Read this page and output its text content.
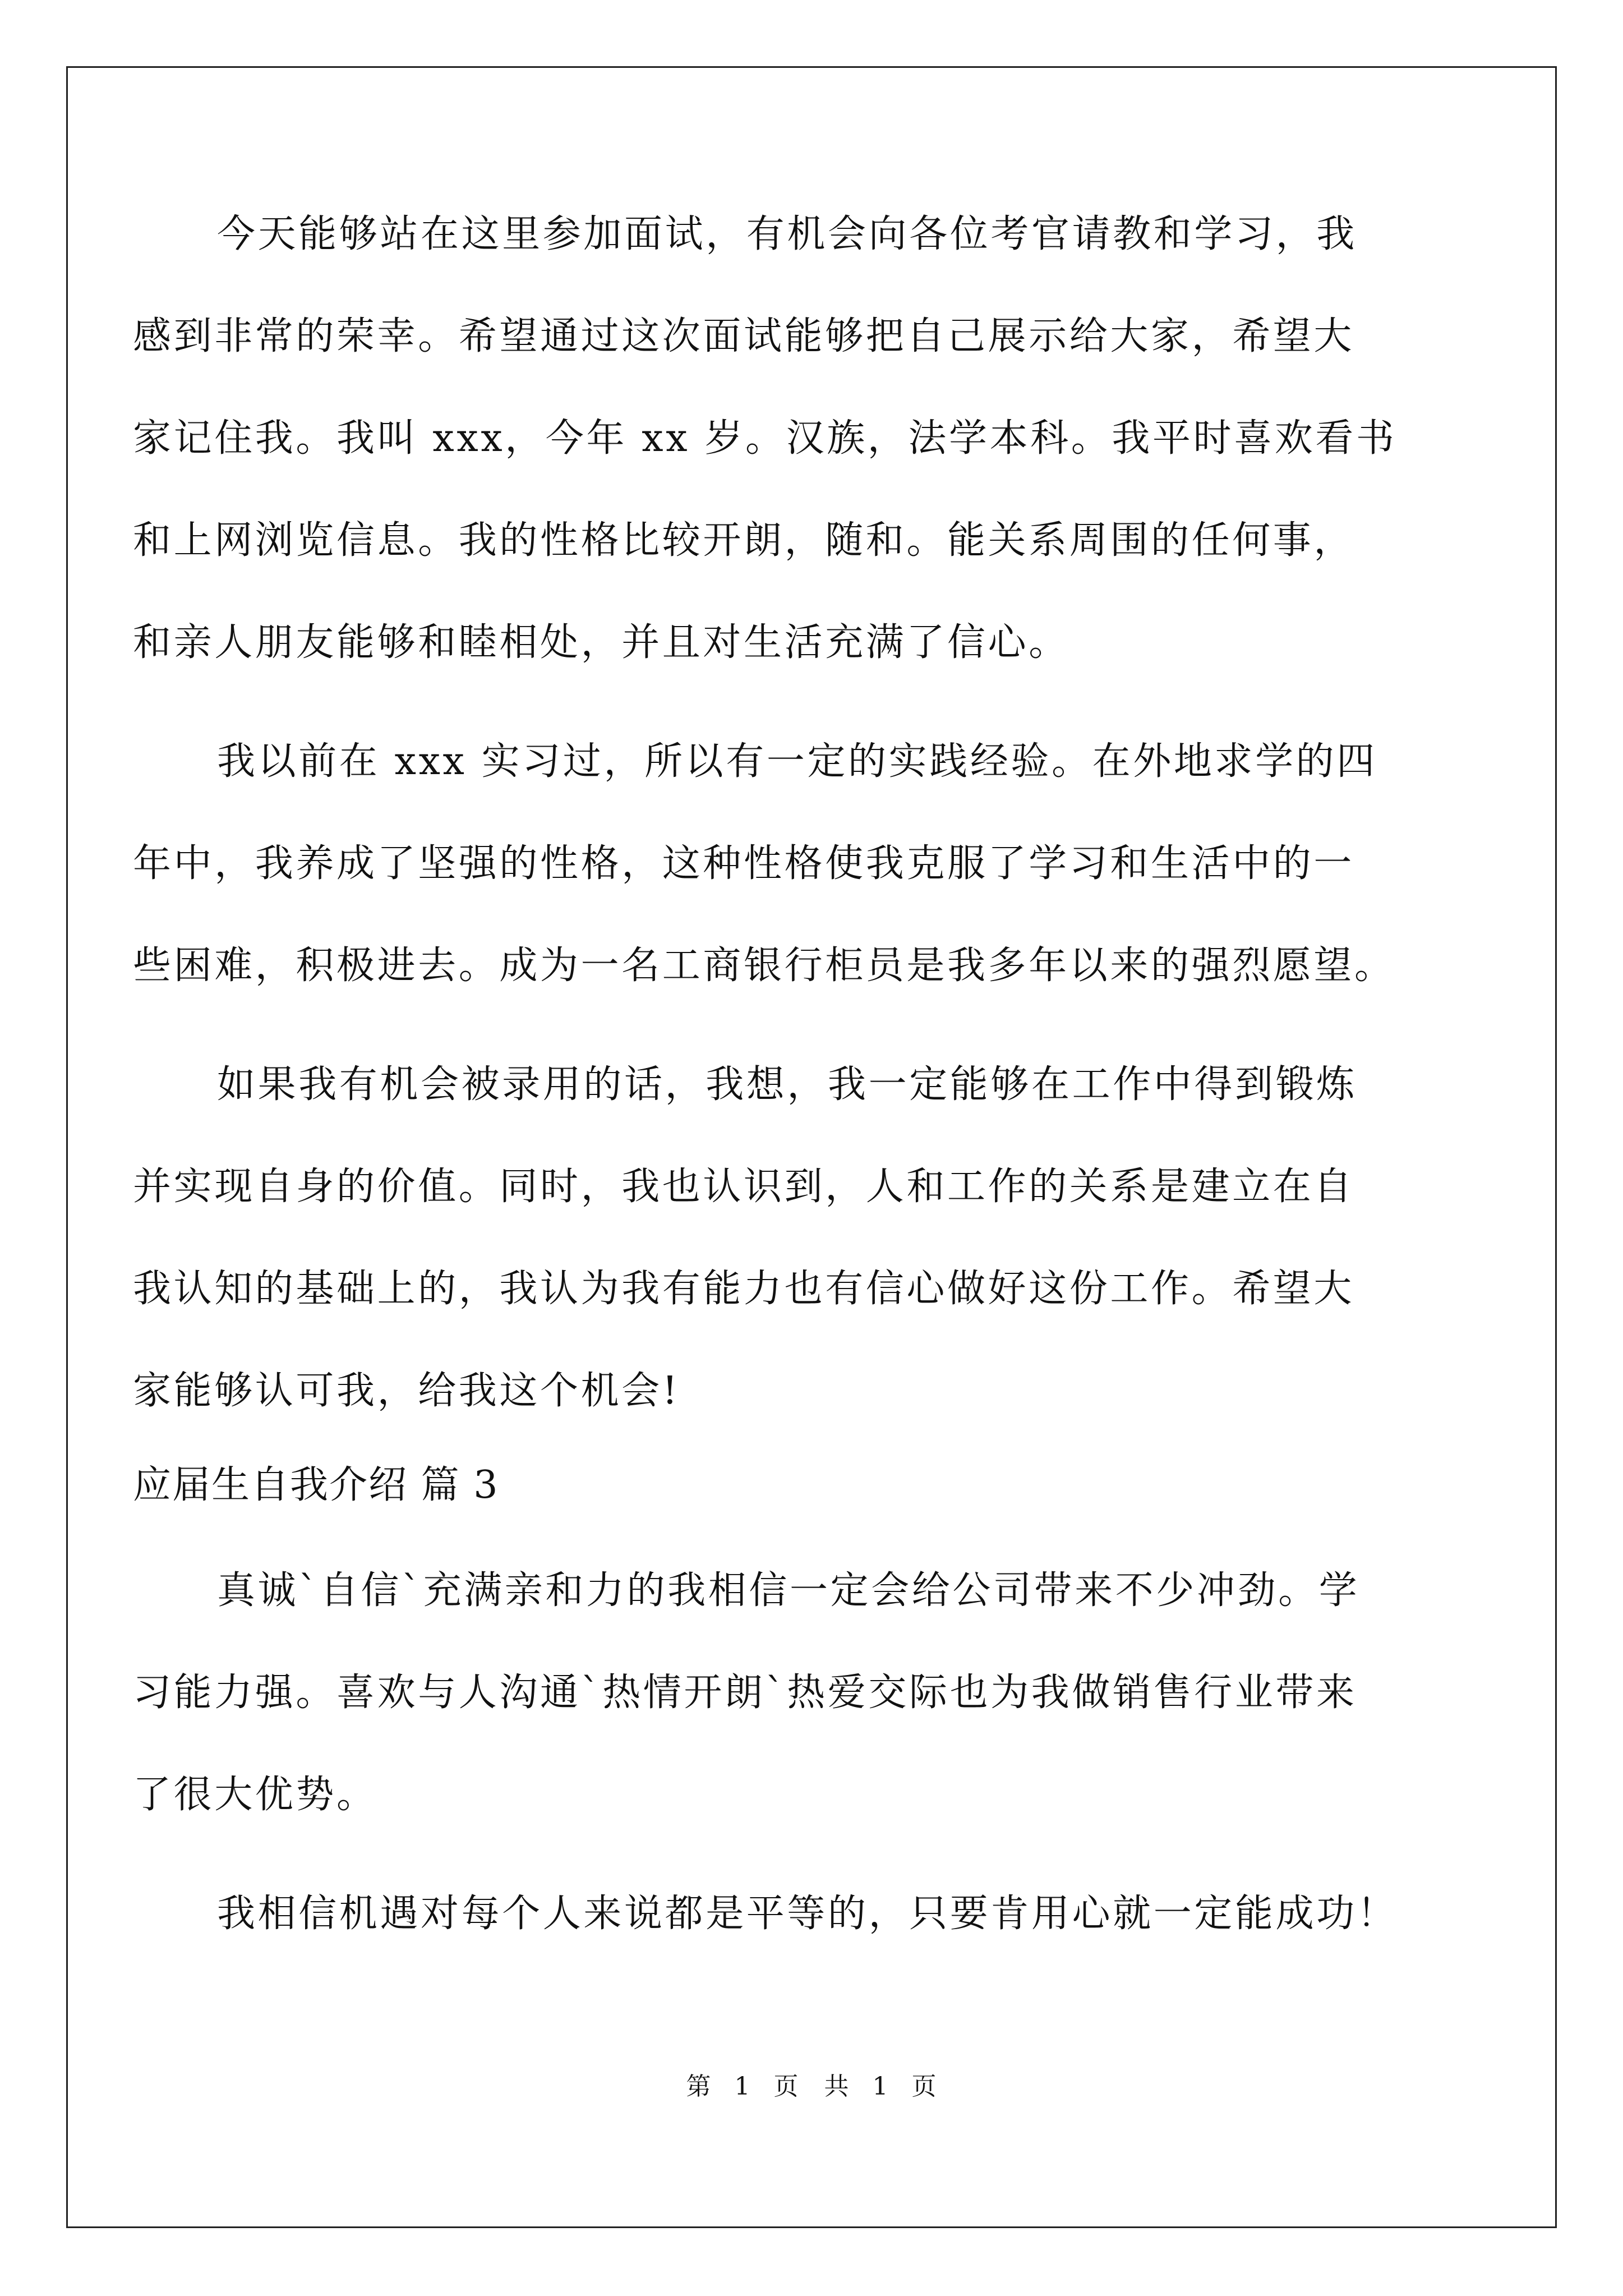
今天能够站在这里参加面试，有机会向各位考官请教和学习，我
感到非常的荣幸。希望通过这次面试能够把自己展示给大家，希望大
家记住我。我叫 xxx，今年 xx 岁。汉族，法学本科。我平时喜欢看书
和上网浏览信息。我的性格比较开朗，随和。能关系周围的任何事，
和亲人朋友能够和睦相处，并且对生活充满了信心。
我以前在 xxx 实习过，所以有一定的实践经验。在外地求学的四
年中，我养成了坚强的性格，这种性格使我克服了学习和生活中的一
些困难，积极进去。成为一名工商银行柜员是我多年以来的强烈愿望。
如果我有机会被录用的话，我想，我一定能够在工作中得到锻炼
并实现自身的价值。同时，我也认识到，人和工作的关系是建立在自
我认知的基础上的，我认为我有能力也有信心做好这份工作。希望大
家能够认可我，给我这个机会!
应届生自我介绍 篇 3
真诚`自信`充满亲和力的我相信一定会给公司带来不少冲劲。学
习能力强。喜欢与人沟通`热情开朗`热爱交际也为我做销售行业带来
了很大优势。
我相信机遇对每个人来说都是平等的，只要肯用心就一定能成功！
第 1 页　共 1 页
